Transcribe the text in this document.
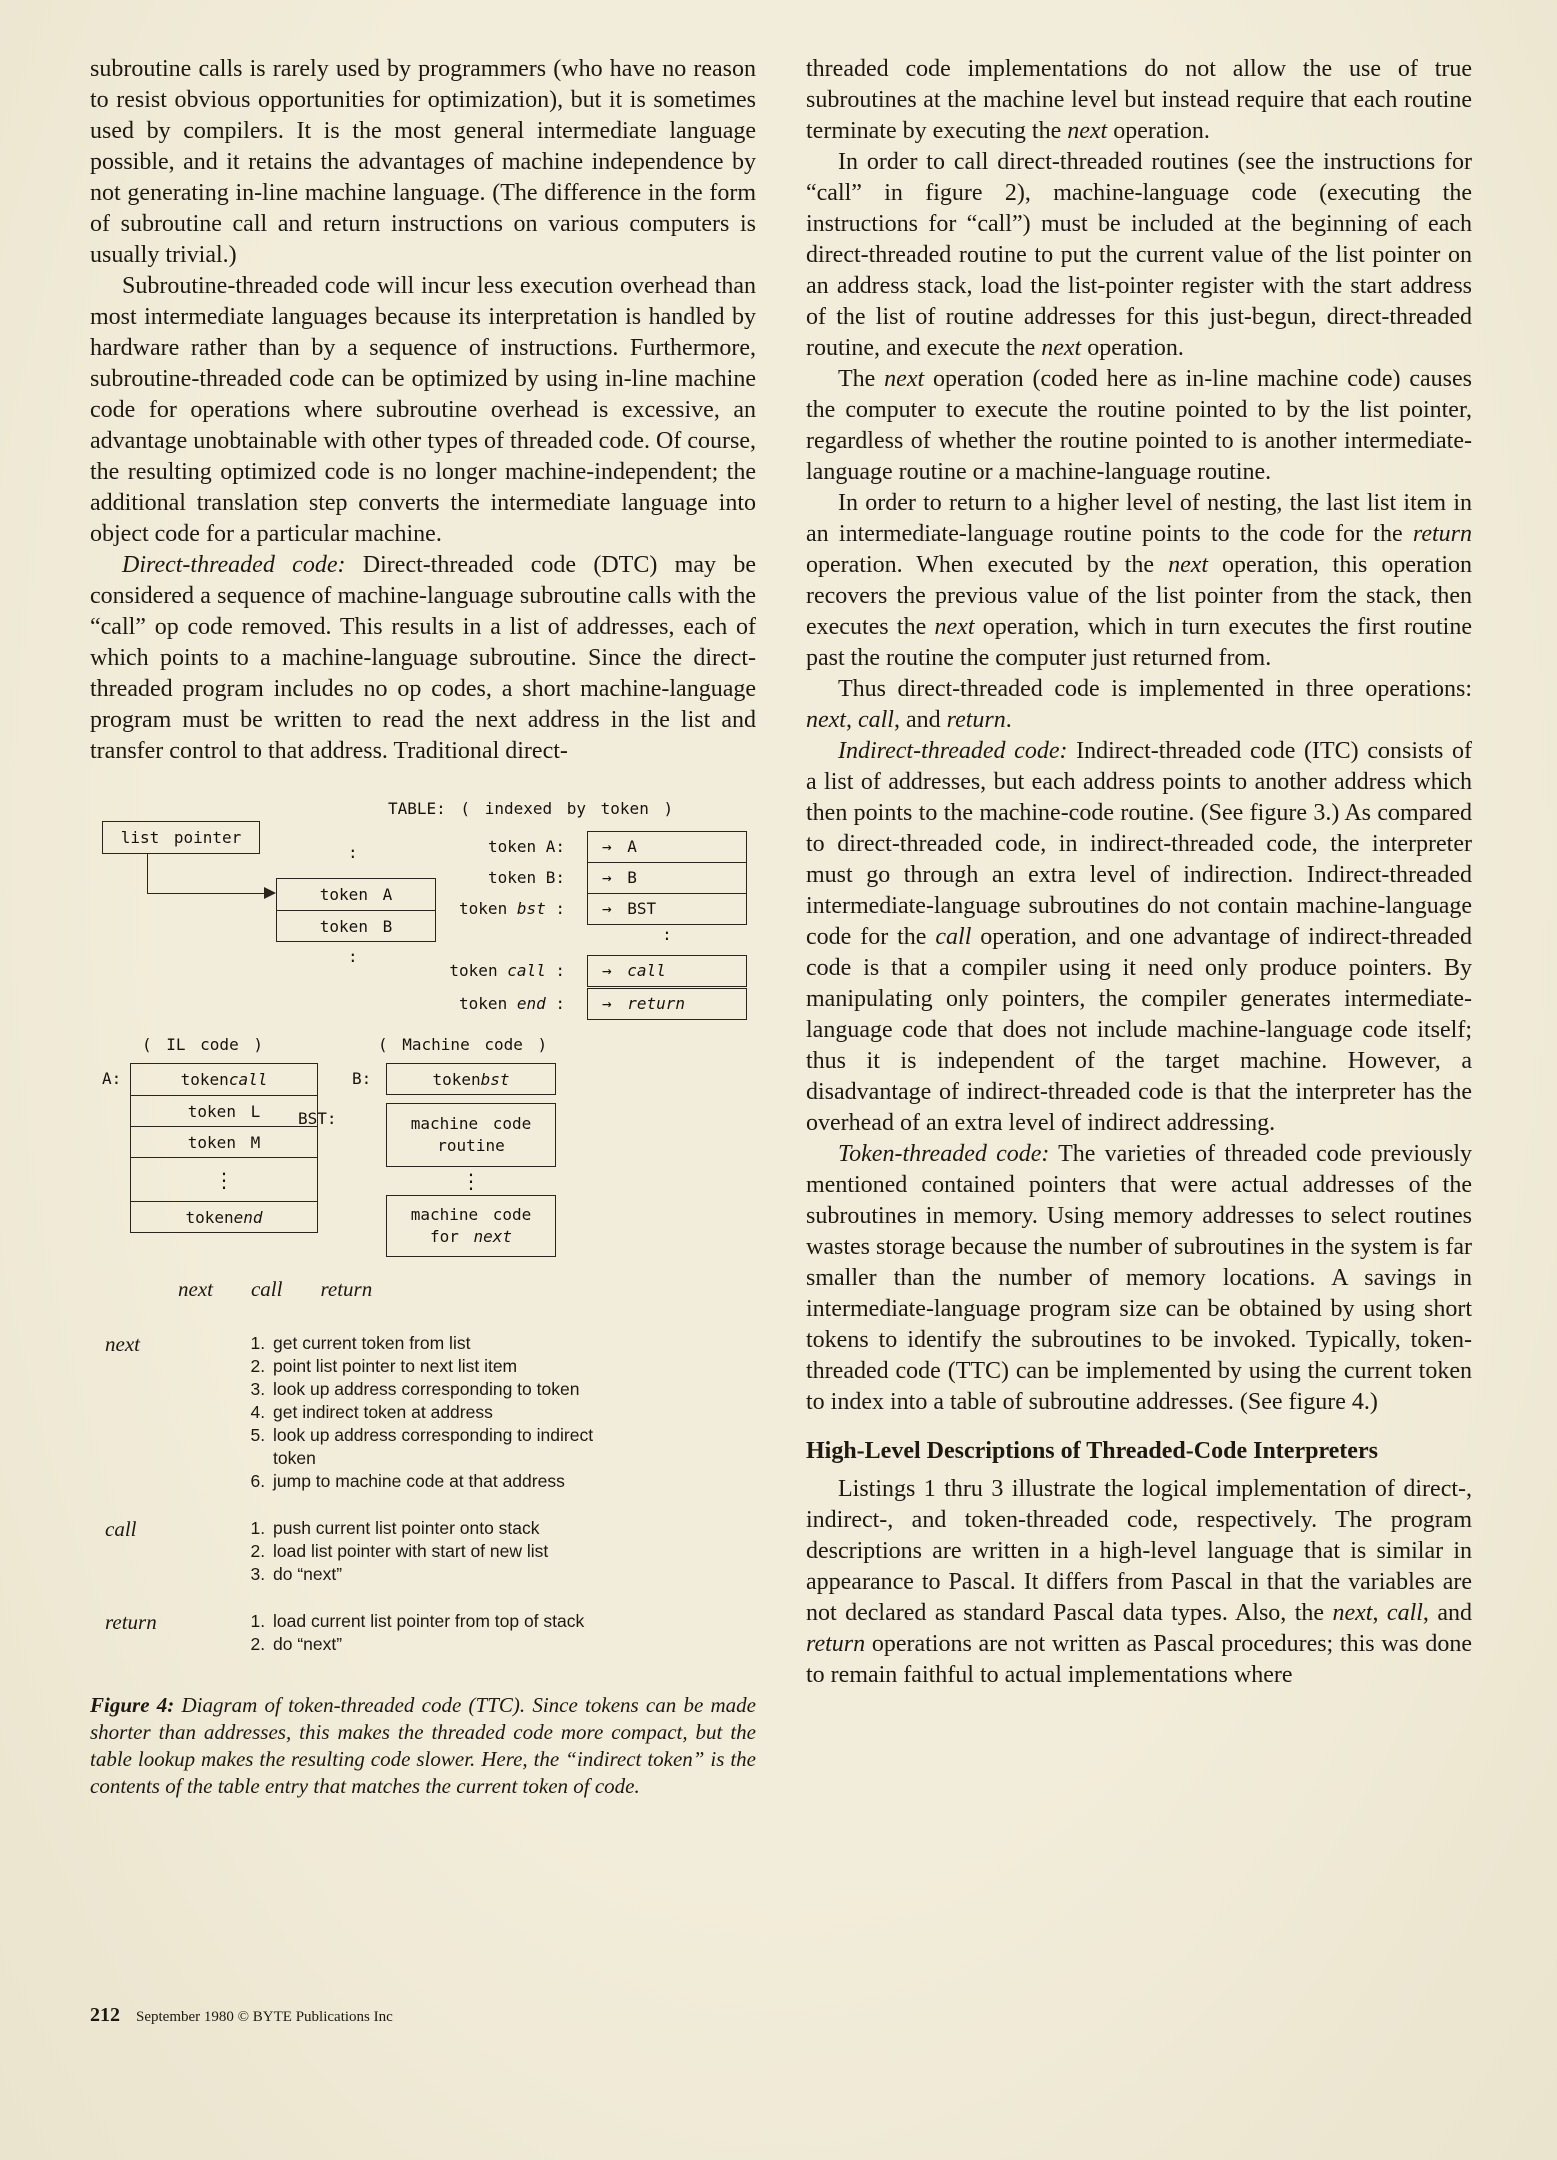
subroutine calls is rarely used by programmers (who have no reason to resist obvious opportunities for optimization), but it is sometimes used by compilers. It is the most general intermediate language possible, and it retains the advantages of machine independence by not generating in-line machine language. (The difference in the form of subroutine call and return instructions on various computers is usually trivial.)

Subroutine-threaded code will incur less execution overhead than most intermediate languages because its interpretation is handled by hardware rather than by a sequence of instructions. Furthermore, subroutine-threaded code can be optimized by using in-line machine code for operations where subroutine overhead is excessive, an advantage unobtainable with other types of threaded code. Of course, the resulting optimized code is no longer machine-independent; the additional translation step converts the intermediate language into object code for a particular machine.

Direct-threaded code: Direct-threaded code (DTC) may be considered a sequence of machine-language subroutine calls with the “call” op code removed. This results in a list of addresses, each of which points to a machine-language subroutine. Since the direct-threaded program includes no op codes, a short machine-language program must be written to read the next address in the list and transfer control to that address. Traditional direct-

TABLE: ( indexed by token )
list pointer
:
token A
token B
:
token A:	→ A
token B:	→ B
token bst :	→ BST
:
token call :	→ call
token end :	→ return
( IL code )	( Machine code )
A:	token call
token L
token M
⋮
token end
B:	token bst
BST:	machine code
routine
⋮
machine code
for next
next call return
next	1. get current token from list
2. point list pointer to next list item
3. look up address corresponding to token
4. get indirect token at address
5. look up address corresponding to indirect token
6. jump to machine code at that address
call	1. push current list pointer onto stack
2. load list pointer with start of new list
3. do “next”
return	1. load current list pointer from top of stack
2. do “next”
Figure 4: Diagram of token-threaded code (TTC). Since tokens can be made shorter than addresses, this makes the threaded code more compact, but the table lookup makes the resulting code slower. Here, the “indirect token” is the contents of the table entry that matches the current token of code.

threaded code implementations do not allow the use of true subroutines at the machine level but instead require that each routine terminate by executing the next operation.

In order to call direct-threaded routines (see the instructions for “call” in figure 2), machine-language code (executing the instructions for “call”) must be included at the beginning of each direct-threaded routine to put the current value of the list pointer on an address stack, load the list-pointer register with the start address of the list of routine addresses for this just-begun, direct-threaded routine, and execute the next operation.

The next operation (coded here as in-line machine code) causes the computer to execute the routine pointed to by the list pointer, regardless of whether the routine pointed to is another intermediate-language routine or a machine-language routine.

In order to return to a higher level of nesting, the last list item in an intermediate-language routine points to the code for the return operation. When executed by the next operation, this operation recovers the previous value of the list pointer from the stack, then executes the next operation, which in turn executes the first routine past the routine the computer just returned from.

Thus direct-threaded code is implemented in three operations: next, call, and return.

Indirect-threaded code: Indirect-threaded code (ITC) consists of a list of addresses, but each address points to another address which then points to the machine-code routine. (See figure 3.) As compared to direct-threaded code, in indirect-threaded code, the interpreter must go through an extra level of indirection. Indirect-threaded intermediate-language subroutines do not contain machine-language code for the call operation, and one advantage of indirect-threaded code is that a compiler using it need only produce pointers. By manipulating only pointers, the compiler generates intermediate-language code that does not include machine-language code itself; thus it is independent of the target machine. However, a disadvantage of indirect-threaded code is that the interpreter has the overhead of an extra level of indirect addressing.

Token-threaded code: The varieties of threaded code previously mentioned contained pointers that were actual addresses of the subroutines in memory. Using memory addresses to select routines wastes storage because the number of subroutines in the system is far smaller than the number of memory locations. A savings in intermediate-language program size can be obtained by using short tokens to identify the subroutines to be invoked. Typically, token-threaded code (TTC) can be implemented by using the current token to index into a table of subroutine addresses. (See figure 4.)

High-Level Descriptions of Threaded-Code Interpreters

Listings 1 thru 3 illustrate the logical implementation of direct-, indirect-, and token-threaded code, respectively. The program descriptions are written in a high-level language that is similar in appearance to Pascal. It differs from Pascal in that the variables are not declared as standard Pascal data types. Also, the next, call, and return operations are not written as Pascal procedures; this was done to remain faithful to actual implementations where

212 September 1980 © BYTE Publications Inc
